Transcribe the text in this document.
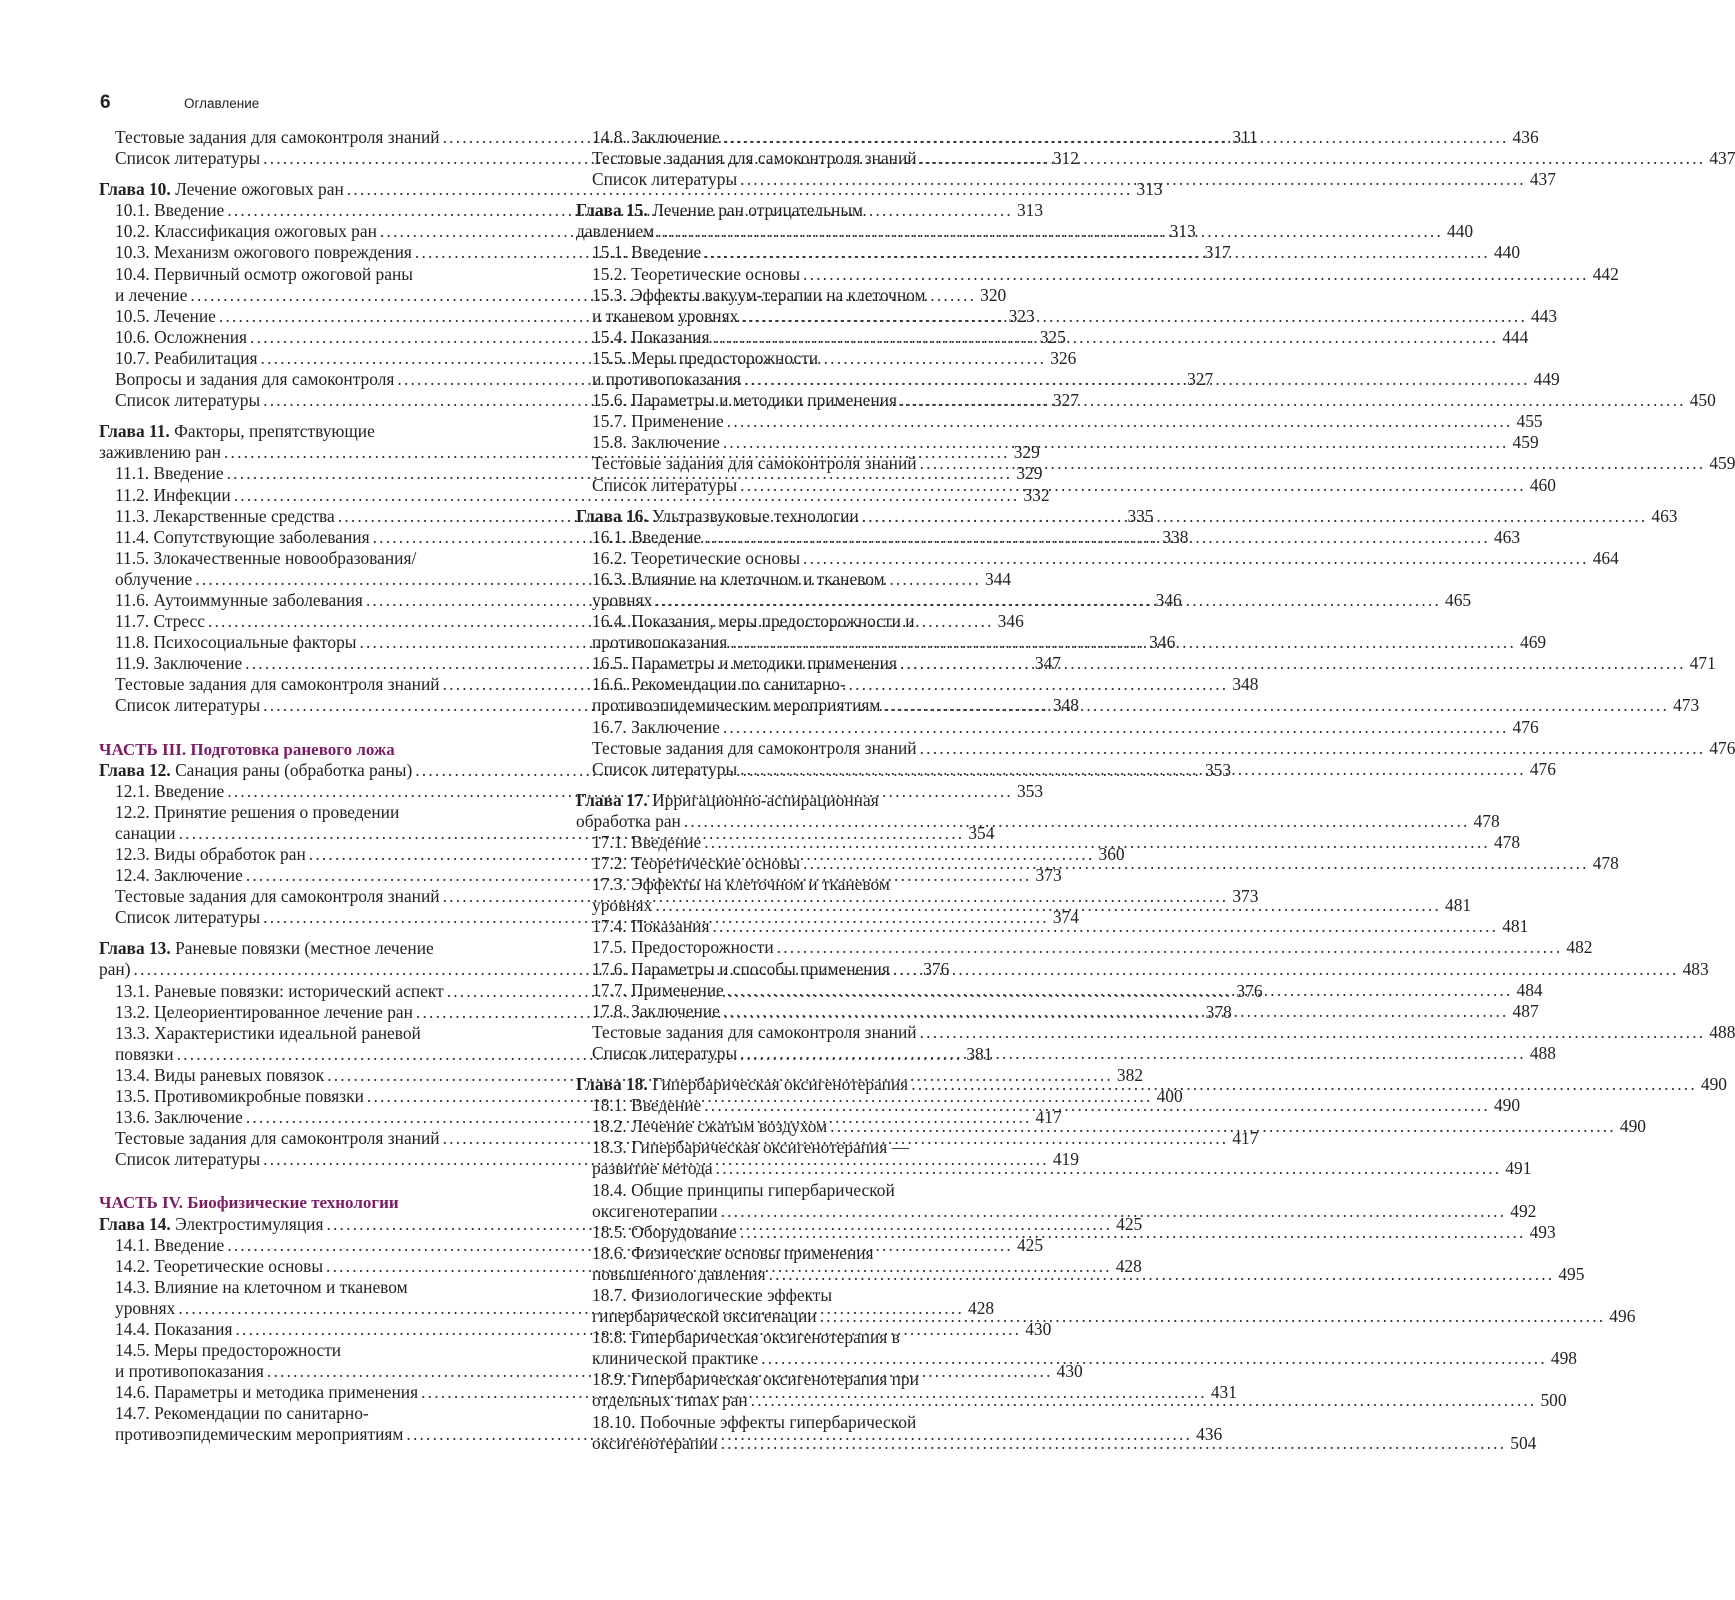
6	Оглавление
Тестовые задания для самоконтроля знаний .....	311
Список литературы .....	312
Глава 10. Лечение ожоговых ран .....	313
10.1. Введение .....	313
10.2. Классификация ожоговых ран .....	313
10.3. Механизм ожогового повреждения .....	317
10.4. Первичный осмотр ожоговой раны
и лечение .....	320
10.5. Лечение .....	323
10.6. Осложнения .....	325
10.7. Реабилитация .....	326
Вопросы и задания для самоконтроля .....	327
Список литературы .....	327
Глава 11. Факторы, препятствующие
заживлению ран .....	329
11.1. Введение .....	329
11.2. Инфекции .....	332
11.3. Лекарственные средства .....	335
11.4. Сопутствующие заболевания .....	338
11.5. Злокачественные новообразования/
облучение .....	344
11.6. Аутоиммунные заболевания .....	346
11.7. Стресс .....	346
11.8. Психосоциальные факторы .....	346
11.9. Заключение .....	347
Тестовые задания для самоконтроля знаний .....	348
Список литературы .....	348
ЧАСТЬ III. Подготовка раневого ложа
Глава 12. Санация раны (обработка раны) .....	353
12.1. Введение .....	353
12.2. Принятие решения о проведении
санации .....	354
12.3. Виды обработок ран .....	360
12.4. Заключение .....	373
Тестовые задания для самоконтроля знаний .....	373
Список литературы .....	374
Глава 13. Раневые повязки (местное лечение
ран) .....	376
13.1. Раневые повязки: исторический аспект .....	376
13.2. Целеориентированное лечение ран .....	378
13.3. Характеристики идеальной раневой
повязки .....	381
13.4. Виды раневых повязок .....	382
13.5. Противомикробные повязки .....	400
13.6. Заключение .....	417
Тестовые задания для самоконтроля знаний .....	417
Список литературы .....	419
ЧАСТЬ IV. Биофизические технологии
Глава 14. Электростимуляция .....	425
14.1. Введение .....	425
14.2. Теоретические основы .....	428
14.3. Влияние на клеточном и тканевом
уровнях .....	428
14.4. Показания .....	430
14.5. Меры предосторожности
и противопоказания .....	430
14.6. Параметры и методика применения .....	431
14.7. Рекомендации по санитарно-
противоэпидемическим мероприятиям .....	436
14.8. Заключение .....	436
Тестовые задания для самоконтроля знаний .....	437
Список литературы .....	437
Глава 15. Лечение ран отрицательным
давлением .....	440
15.1. Введение .....	440
15.2. Теоретические основы .....	442
15.3. Эффекты вакуум-терапии на клеточном
и тканевом уровнях .....	443
15.4. Показания .....	444
15.5. Меры предосторожности
и противопоказания .....	449
15.6. Параметры и методики применения .....	450
15.7. Применение .....	455
15.8. Заключение .....	459
Тестовые задания для самоконтроля знаний .....	459
Список литературы .....	460
Глава 16. Ультразвуковые технологии .....	463
16.1. Введение .....	463
16.2. Теоретические основы .....	464
16.3. Влияние на клеточном и тканевом
уровнях .....	465
16.4. Показания, меры предосторожности и
противопоказания .....	469
16.5. Параметры и методики применения .....	471
16.6. Рекомендации по санитарно-
противоэпидемическим мероприятиям .....	473
16.7. Заключение .....	476
Тестовые задания для самоконтроля знаний .....	476
Список литературы .....	476
Глава 17. Ирригационно-аспирационная
обработка ран .....	478
17.1. Введение .....	478
17.2. Теоретические основы .....	478
17.3. Эффекты на клеточном и тканевом
уровнях .....	481
17.4. Показания .....	481
17.5. Предосторожности .....	482
17.6. Параметры и способы применения .....	483
17.7. Применение .....	484
17.8. Заключение .....	487
Тестовые задания для самоконтроля знаний .....	488
Список литературы .....	488
Глава 18. Гипербарическая оксигенотерапия .....	490
18.1. Введение .....	490
18.2. Лечение сжатым воздухом .....	490
18.3. Гипербарическая оксигенотерапия —
развитие метода .....	491
18.4. Общие принципы гипербарической
оксигенотерапии .....	492
18.5. Оборудование .....	493
18.6. Физические основы применения
повышенного давления .....	495
18.7. Физиологические эффекты
гипербарической оксигенации .....	496
18.8. Гипербарическая оксигенотерапия в
клинической практике .....	498
18.9. Гипербарическая оксигенотерапия при
отдельных типах ран .....	500
18.10. Побочные эффекты гипербарической
оксигенотерапии .....	504
